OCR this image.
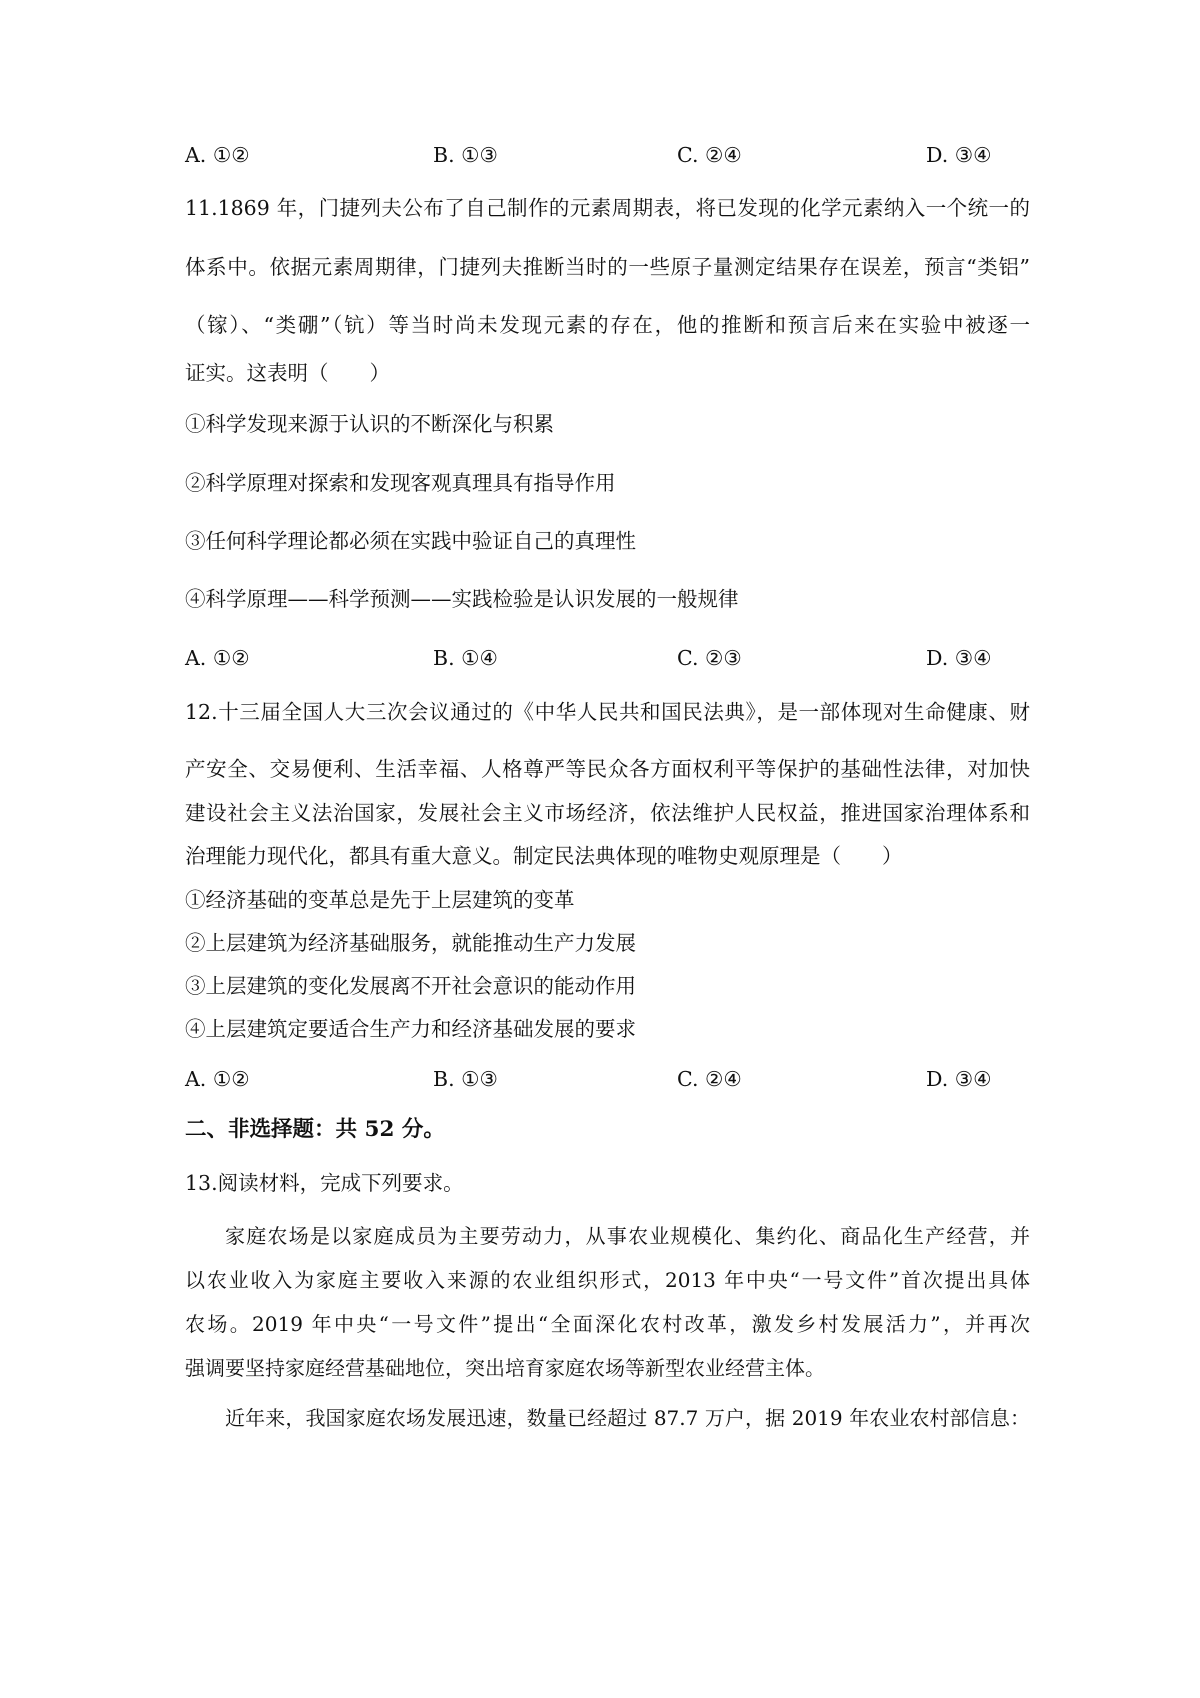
A. ①②	B. ①③	C. ②④	D. ③④
11.1869 年，门捷列夫公布了自己制作的元素周期表，将已发现的化学元素纳入一个统一的
体系中。依据元素周期律，门捷列夫推断当时的一些原子量测定结果存在误差，预言“类铝”
（镓）、“类硼”（钪）等当时尚未发现元素的存在，他的推断和预言后来在实验中被逐一
证实。这表明（　　）
①科学发现来源于认识的不断深化与积累
②科学原理对探索和发现客观真理具有指导作用
③任何科学理论都必须在实践中验证自己的真理性
④科学原理——科学预测——实践检验是认识发展的一般规律
A. ①②	B. ①④	C. ②③	D. ③④
12.十三届全国人大三次会议通过的《中华人民共和国民法典》，是一部体现对生命健康、财
产安全、交易便利、生活幸福、人格尊严等民众各方面权利平等保护的基础性法律，对加快
建设社会主义法治国家，发展社会主义市场经济，依法维护人民权益，推进国家治理体系和
治理能力现代化，都具有重大意义。制定民法典体现的唯物史观原理是（　　）
①经济基础的变革总是先于上层建筑的变革
②上层建筑为经济基础服务，就能推动生产力发展
③上层建筑的变化发展离不开社会意识的能动作用
④上层建筑定要适合生产力和经济基础发展的要求
A. ①②	B. ①③	C. ②④	D. ③④
二、非选择题：共 52 分。
13.阅读材料，完成下列要求。
家庭农场是以家庭成员为主要劳动力，从事农业规模化、集约化、商品化生产经营，并
以农业收入为家庭主要收入来源的农业组织形式，2013 年中央“一号文件”首次提出具体
农场。2019 年中央“一号文件”提出“全面深化农村改革，激发乡村发展活力”，并再次
强调要坚持家庭经营基础地位，突出培育家庭农场等新型农业经营主体。
近年来，我国家庭农场发展迅速，数量已经超过 87.7 万户，据 2019 年农业农村部信息：
